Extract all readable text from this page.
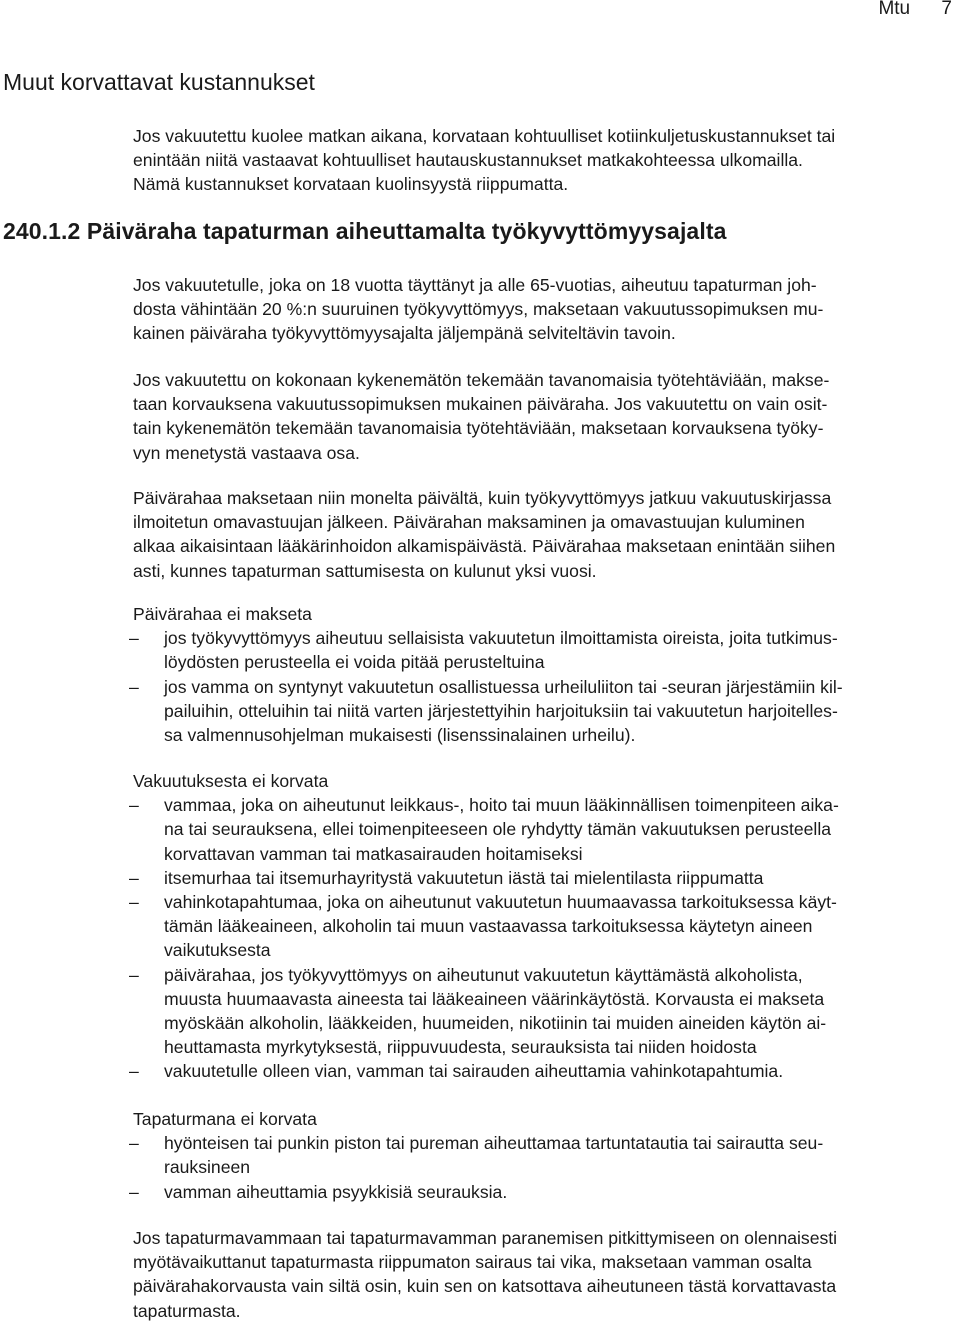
Mtu 7
Muut korvattavat kustannukset

Jos vakuutettu kuolee matkan aikana, korvataan kohtuulliset kotiinkuljetuskustannukset tai

enintään niitä vastaavat kohtuulliset hautauskustannukset matkakohteessa ulkomailla.

Nämä kustannukset korvataan kuolinsyystä riippumatta.

240.1.2 Päiväraha tapaturman aiheuttamalta työkyvyttömyysajalta

Jos vakuutetulle, joka on 18 vuotta täyttänyt ja alle 65-vuotias, aiheutuu tapaturman joh-

dosta vähintään 20 %:n suuruinen työkyvyttömyys, maksetaan vakuutussopimuksen mu-

kainen päiväraha työkyvyttömyysajalta jäljempänä selviteltävin tavoin.

Jos vakuutettu on kokonaan kykenemätön tekemään tavanomaisia työtehtäviään, makse-

taan korvauksena vakuutussopimuksen mukainen päiväraha. Jos vakuutettu on vain osit-

tain kykenemätön tekemään tavanomaisia työtehtäviään, maksetaan korvauksena työky-

vyn menetystä vastaava osa.

Päivärahaa maksetaan niin monelta päivältä, kuin työkyvyttömyys jatkuu vakuutuskirjassa

ilmoitetun omavastuujan jälkeen. Päivärahan maksaminen ja omavastuujan kuluminen

alkaa aikaisintaan lääkärinhoidon alkamispäivästä. Päivärahaa maksetaan enintään siihen

asti, kunnes tapaturman sattumisesta on kulunut yksi vuosi.

Päivärahaa ei makseta

–	jos työkyvyttömyys aiheutuu sellaisista vakuutetun ilmoittamista oireista, joita tutkimus-
löydösten perusteella ei voida pitää perusteltuina
–	jos vamma on syntynyt vakuutetun osallistuessa urheiluliiton tai -seuran järjestämiin kil-
pailuihin, otteluihin tai niitä varten järjestettyihin harjoituksiin tai vakuutetun harjoitelles-
sa valmennusohjelman mukaisesti (lisenssinalainen urheilu).

Vakuutuksesta ei korvata

–	vammaa, joka on aiheutunut leikkaus-, hoito tai muun lääkinnällisen toimenpiteen aika-
na tai seurauksena, ellei toimenpiteeseen ole ryhdytty tämän vakuutuksen perusteella
korvattavan vamman tai matkasairauden hoitamiseksi
–	itsemurhaa tai itsemurhayritystä vakuutetun iästä tai mielentilasta riippumatta
–	vahinkotapahtumaa, joka on aiheutunut vakuutetun huumaavassa tarkoituksessa käyt-
tämän lääkeaineen, alkoholin tai muun vastaavassa tarkoituksessa käytetyn aineen
vaikutuksesta
–	päivärahaa, jos työkyvyttömyys on aiheutunut vakuutetun käyttämästä alkoholista,
muusta huumaavasta aineesta tai lääkeaineen väärinkäytöstä. Korvausta ei makseta
myöskään alkoholin, lääkkeiden, huumeiden, nikotiinin tai muiden aineiden käytön ai-
heuttamasta myrkytyksestä, riippuvuudesta, seurauksista tai niiden hoidosta
–	vakuutetulle olleen vian, vamman tai sairauden aiheuttamia vahinkotapahtumia.

Tapaturmana ei korvata

–	hyönteisen tai punkin piston tai pureman aiheuttamaa tartuntatautia tai sairautta seu-
rauksineen
–	vamman aiheuttamia psyykkisiä seurauksia.

Jos tapaturmavammaan tai tapaturmavamman paranemisen pitkittymiseen on olennaisesti

myötävaikuttanut tapaturmasta riippumaton sairaus tai vika, maksetaan vamman osalta

päivärahakorvausta vain siltä osin, kuin sen on katsottava aiheutuneen tästä korvattavasta

tapaturmasta.
